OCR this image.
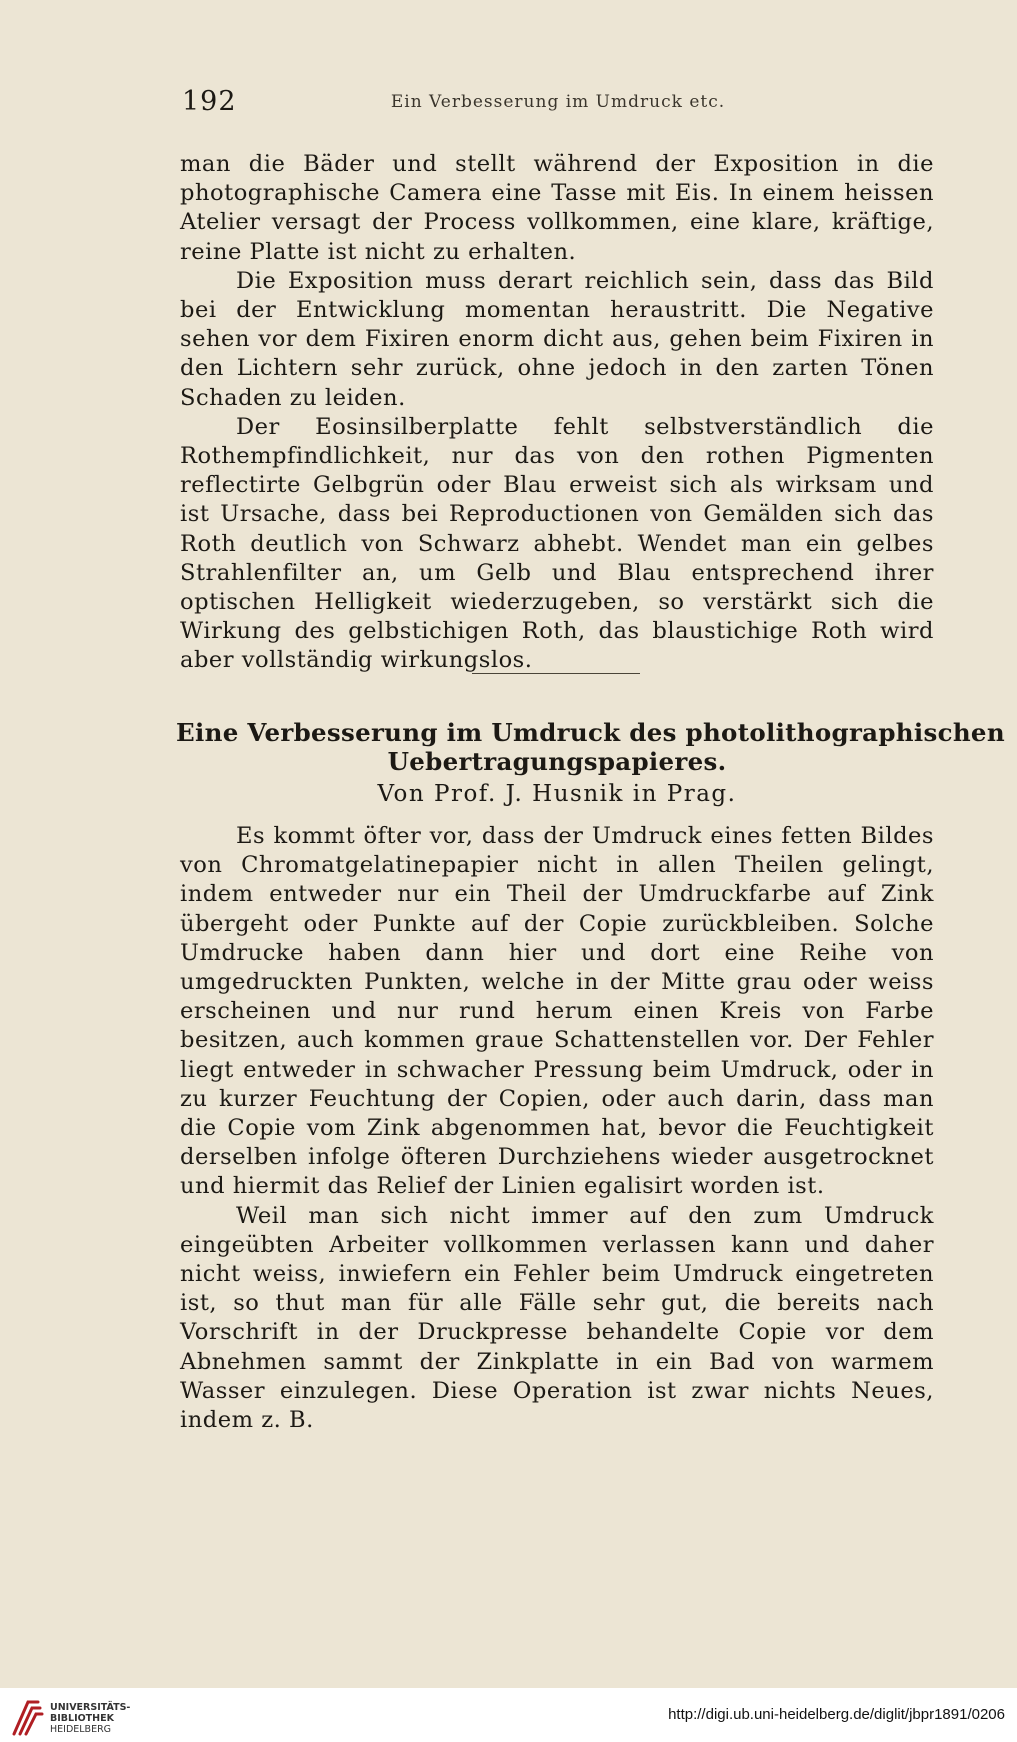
192	Ein Verbesserung im Umdruck etc.

man die Bäder und stellt während der Exposition in die photographische Camera eine Tasse mit Eis. In einem heissen Atelier versagt der Process vollkommen, eine klare, kräftige, reine Platte ist nicht zu erhalten.

Die Exposition muss derart reichlich sein, dass das Bild bei der Entwicklung momentan heraustritt. Die Negative sehen vor dem Fixiren enorm dicht aus, gehen beim Fixiren in den Lichtern sehr zurück, ohne jedoch in den zarten Tönen Schaden zu leiden.

Der Eosinsilberplatte fehlt selbstverständlich die Rothempfindlichkeit, nur das von den rothen Pigmenten reflectirte Gelbgrün oder Blau erweist sich als wirksam und ist Ursache, dass bei Reproductionen von Gemälden sich das Roth deutlich von Schwarz abhebt. Wendet man ein gelbes Strahlenfilter an, um Gelb und Blau entsprechend ihrer optischen Helligkeit wiederzugeben, so verstärkt sich die Wirkung des gelbstichigen Roth, das blaustichige Roth wird aber vollständig wirkungslos.

Eine Verbesserung im Umdruck des photolithographischen
Uebertragungspapieres.
Von Prof. J. Husnik in Prag.

Es kommt öfter vor, dass der Umdruck eines fetten Bildes von Chromatgelatinepapier nicht in allen Theilen gelingt, indem entweder nur ein Theil der Umdruckfarbe auf Zink übergeht oder Punkte auf der Copie zurückbleiben. Solche Umdrucke haben dann hier und dort eine Reihe von umgedruckten Punkten, welche in der Mitte grau oder weiss erscheinen und nur rund herum einen Kreis von Farbe besitzen, auch kommen graue Schattenstellen vor. Der Fehler liegt entweder in schwacher Pressung beim Umdruck, oder in zu kurzer Feuchtung der Copien, oder auch darin, dass man die Copie vom Zink abgenommen hat, bevor die Feuchtigkeit derselben infolge öfteren Durchziehens wieder ausgetrocknet und hiermit das Relief der Linien egalisirt worden ist.

Weil man sich nicht immer auf den zum Umdruck eingeübten Arbeiter vollkommen verlassen kann und daher nicht weiss, inwiefern ein Fehler beim Umdruck eingetreten ist, so thut man für alle Fälle sehr gut, die bereits nach Vorschrift in der Druckpresse behandelte Copie vor dem Abnehmen sammt der Zinkplatte in ein Bad von warmem Wasser einzulegen. Diese Operation ist zwar nichts Neues, indem z. B.

UNIVERSITÄTS-
BIBLIOTHEK
HEIDELBERG
http://digi.ub.uni-heidelberg.de/diglit/jbpr1891/0206
